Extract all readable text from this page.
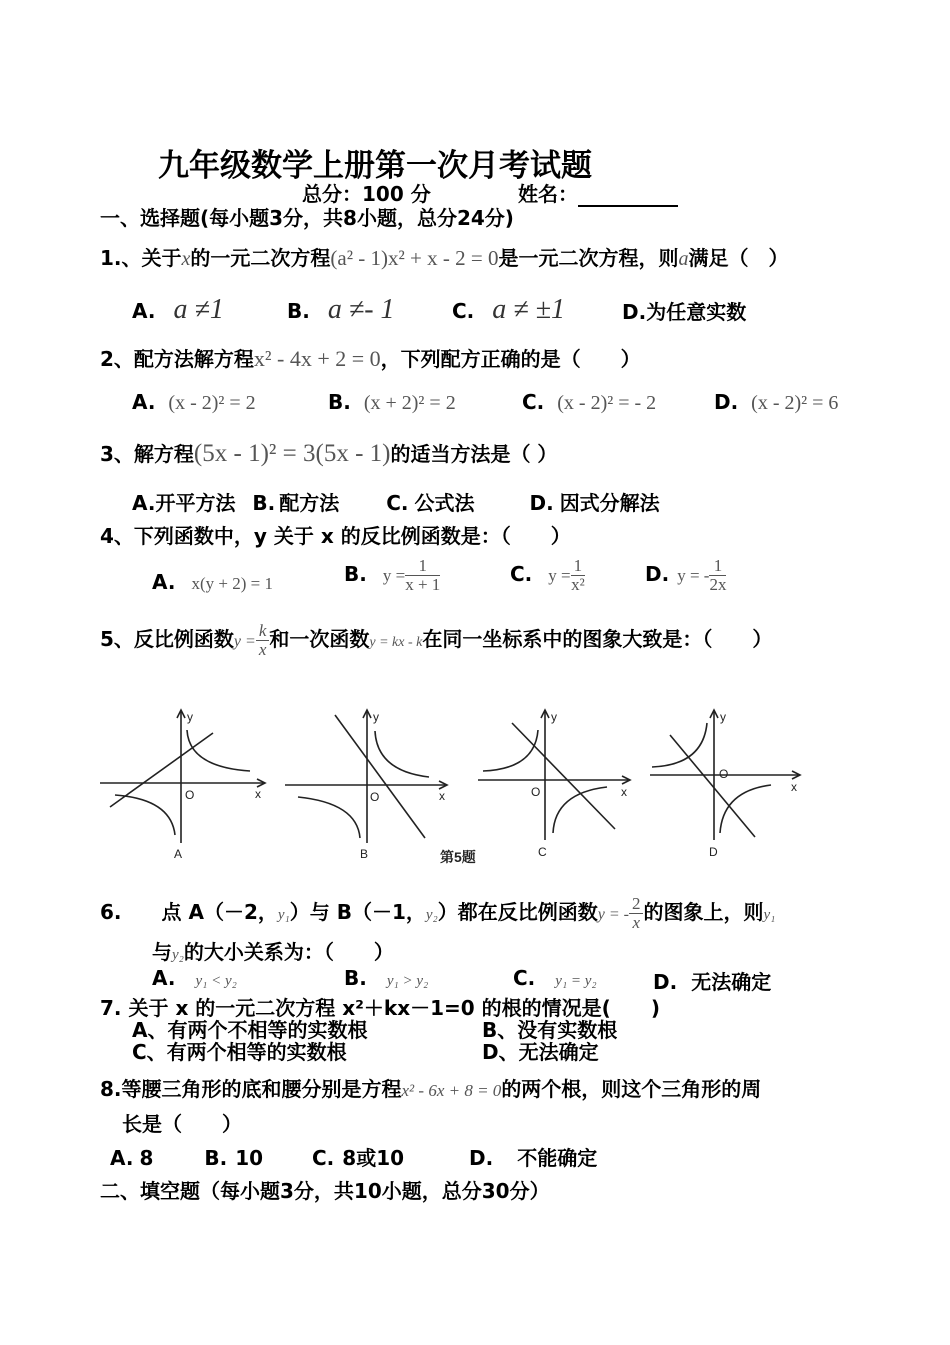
九年级数学上册第一次月考试题
总分：100 分	姓名：
一、选择题(每小题3分，共8小题，总分24分)
1.、关于x的一元二次方程(a² - 1)x² + x - 2 = 0是一元二次方程，则a满足（　）
A. a ≠1	B. a ≠- 1	C. a ≠ ±1	D.为任意实数
2、配方法解方程x² - 4x + 2 = 0，下列配方正确的是（　　）
A. (x - 2)² = 2	B. (x + 2)² = 2	C. (x - 2)² = - 2	D. (x - 2)² = 6
3、解方程(5x - 1)² = 3(5x - 1)的适当方法是（ ）
A.开平方法 B. 配方法 C. 公式法	D. 因式分解法
4、下列函数中，y 关于 x 的反比例函数是：（　　）
A. x(y + 2) = 1	B. $y = \frac{1}{x + 1}$	C. $y = \frac{1}{\text{x²}}$	D. y = - $\frac{1}{2x}$
5、反比例函数$y = \frac{k}{x}$ 和一次函数y = kx - k在同一坐标系中的图象大致是：（　　）
y
x
O
y
x
O
y
x
O
y
x
O
A	B	C	D
第5题
6. 点 A（－2，y₁）与 B（－1，y₂）都在反比例函数y = - $\frac{2}{x}$ 的图象上，则y₁
与y₂的大小关系为：（　　）
A. y₁ < y₂	B. y₁ > y₂	C. y₁ = y₂	D. 无法确定
7. 关于 x 的一元二次方程 x²＋kx－1=0 的根的情况是(　　)
A、有两个不相等的实数根	B、没有实数根
C、有两个相等的实数根	D、无法确定
8.等腰三角形的底和腰分别是方程x² - 6x + 8 = 0的两个根，则这个三角形的周
长是（　　）
A. 8	B. 10 C. 8或10	D. 不能确定
二、填空题（每小题3分，共10小题，总分30分）
